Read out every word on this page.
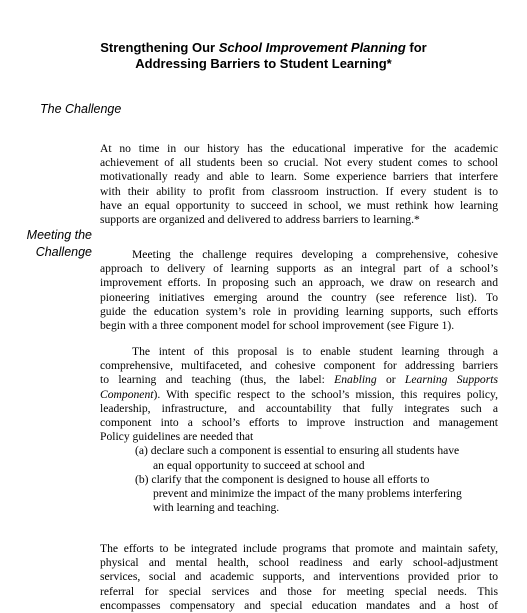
Strengthening Our School Improvement Planning for
Addressing Barriers to Student Learning*
The Challenge
Meeting the
Challenge
At no time in our history has the educational imperative for the academic
achievement of all students been so crucial. Not every student comes to school
motivationally ready and able to learn. Some experience barriers that interfere
with their ability to profit from classroom instruction. If every student is to
have an equal opportunity to succeed in school, we must rethink how learning
supports are organized and delivered to address barriers to learning.*
Meeting the challenge requires developing a comprehensive, cohesive
approach to delivery of learning supports as an integral part of a school’s
improvement efforts. In proposing such an approach, we draw on research and
pioneering initiatives emerging around the country (see reference list). To
guide the education system’s role in providing learning supports, such efforts
begin with a three component model for school improvement (see Figure 1).
The intent of this proposal is to enable student learning through a
comprehensive, multifaceted, and cohesive component for addressing barriers
to learning and teaching (thus, the label: Enabling or Learning Supports
Component). With specific respect to the school’s mission, this requires policy,
leadership, infrastructure, and accountability that fully integrates such a
component into a school’s efforts to improve instruction and management
Policy guidelines are needed that
(a) declare such a component is essential to ensuring all students have
an equal opportunity to succeed at school and
(b) clarify that the component is designed to house all efforts to
prevent and minimize the impact of the many problems interfering
with learning and teaching.
The efforts to be integrated include programs that promote and maintain safety,
physical and mental health, school readiness and early school-adjustment
services, social and academic supports, and interventions provided prior to
referral for special services and those for meeting special needs. This
encompasses compensatory and special education mandates and a host of
